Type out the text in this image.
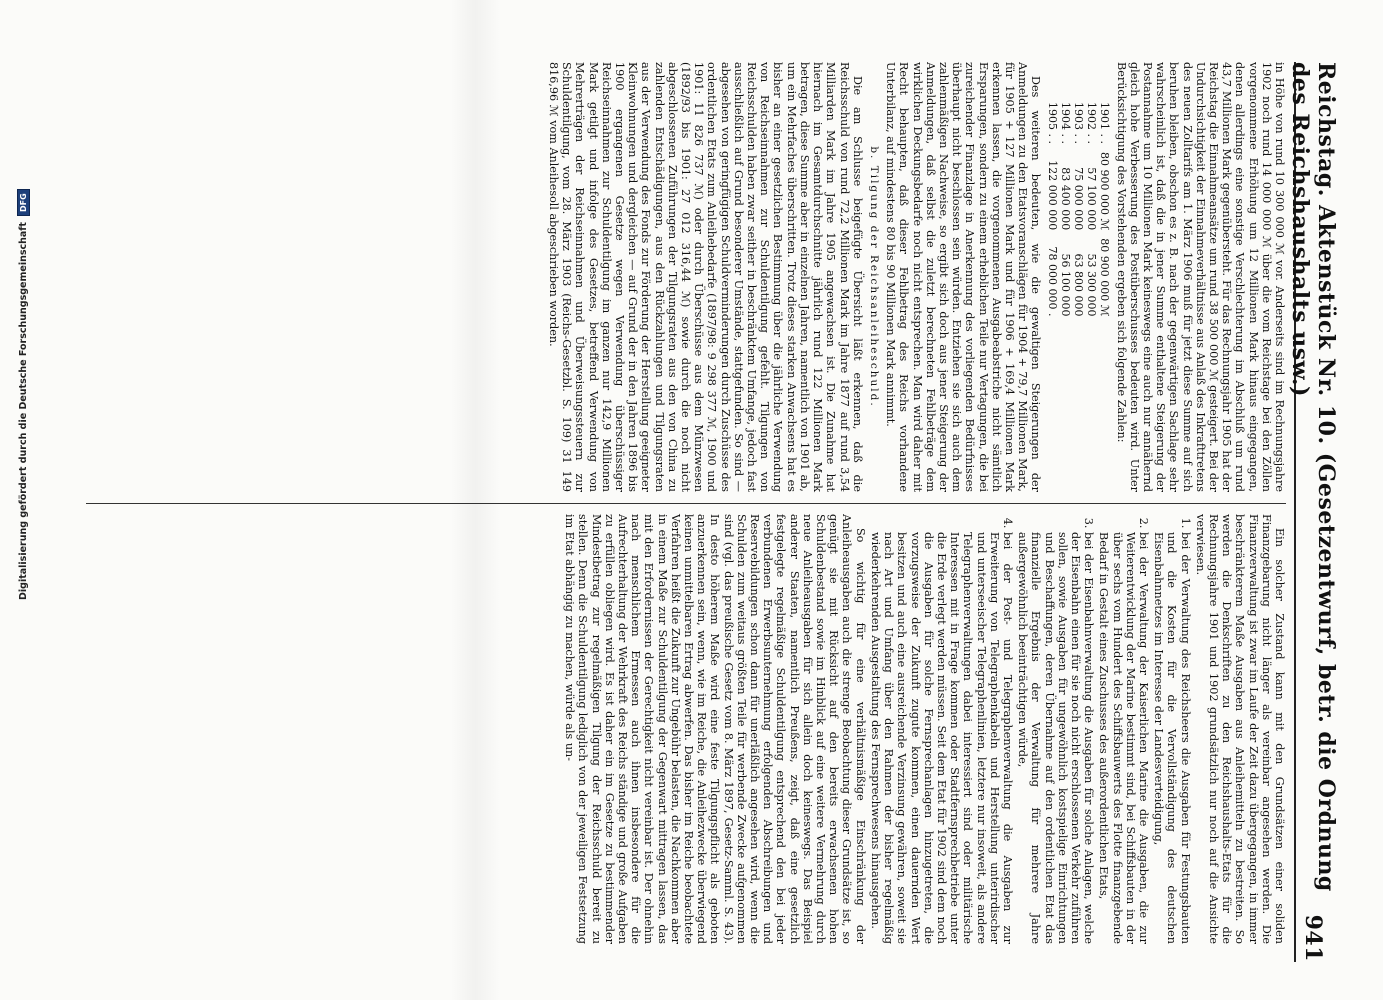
Reichstag. Aktenstück Nr. 10. (Gesetzentwurf, betr. die Ordnung des Reichshaushalts usw.)
941

in Höhe von rund 10 300 000 ℳ vor. Anderseits sind im Rechnungsjahre 1902 noch rund 14 000 000 ℳ über die vom Reichstage bei den Zöllen vorgenommene Erhöhung um 12 Millionen Mark hinaus eingegangen, denen allerdings eine sonstige Verschlechterung im Abschluß um rund 43,7 Millionen Mark gegenübersteht. Für das Rechnungsjahr 1905 hat der Reichstag die Einnahmeansätze um rund 38 500 000 ℳ gesteigert. Bei der Undurchsichtigkeit der Einnahmeverhältnisse aus Anlaß des Inkrafttretens des neuen Zolltarifs am 1. März 1906 muß für jetzt diese Summe auf sich beruhen bleiben, obschon es z. B. nach der gegenwärtigen Sachlage sehr wahrscheinlich ist, daß die in jener Summe enthaltene Steigerung der Postannahme um 10 Millionen Mark keineswegs eine auch nur annähernd gleich hohe Verbesserung des Postüberschusses bedeuten wird. Unter Berücksichtigung des Vorstehenden ergeben sich folgende Zahlen:

1901 . .	80 900 000 ℳ	80 900 000 ℳ
1902 . .	57 100 000	53 300 000
1903 . .	75 000 000	63 800 000
1904 . .	83 400 000	56 100 000
1905 . .	122 000 000	78 000 000 .

Des weiteren bedeuten, wie die gewaltigen Steigerungen der Anmeldungen zu den Etatsvoranschlägen für 1904 + 79,7 Millionen Mark, für 1905 + 127 Millionen Mark und für 1906 + 169,4 Millionen Mark erkennen lassen, die vorgenommenen Ausgabeabstriche nicht sämtlich Ersparungen, sondern zu einem erheblichen Teile nur Vertagungen, die bei zureichender Finanzlage in Anerkennung des vorliegenden Bedürfnisses überhaupt nicht beschlossen sein würden. Entziehen sie sich auch dem zahlenmäßigen Nachweise, so ergibt sich doch aus jener Steigerung der Anmeldungen, daß selbst die zuletzt berechneten Fehlbeträge dem wirklichen Deckungsbedarfe noch nicht entsprechen. Man wird daher mit Recht behaupten, daß dieser Fehlbetrag des Reichs vorhandene Unterbilanz, auf mindestens 80 bis 90 Millionen Mark annimmt.

b. Tilgung der Reichsanleiheschuld.

Die am Schlusse beigefügte Übersicht läßt erkennen, daß die Reichsschuld von rund 72,2 Millionen Mark im Jahre 1877 auf rund 3,54 Milliarden Mark im Jahre 1905 angewachsen ist. Die Zunahme hat hiernach im Gesamtdurchschnitte jährlich rund 122 Millionen Mark betragen, diese Summe aber in einzelnen Jahren, namentlich von 1901 ab, um ein Mehrfaches überschritten. Trotz dieses starken Anwachsens hat es bisher an einer gesetzlichen Bestimmung über die jährliche Verwendung von Reichseinnahmen zur Schuldentilgung gefehlt. Tilgungen von Reichsschulden haben zwar seither in beschränktem Umfange, jedoch fast ausschließlich auf Grund besonderer Umstände, stattgefunden. So sind — abgesehen von geringfügigen Schuldverminderungen durch Zuschüsse des ordentlichen Etats zum Anleihebedarfe (1897/98: 9 298 377 ℳ, 1900 und 1901: 11 826 737 ℳ) oder durch Überschüsse aus dem Münzwesen (1892/93 bis 1901: 27 012 316,44 ℳ) sowie durch die noch nicht abgeschlossenen Zuführungen der Tilgungsraten aus den von China zu zahlenden Entschädigungen, aus den Rückzahlungen und Tilgungsraten aus der Verwendung des Fonds zur Förderung der Herstellung geeigneter Kleinwohnungen und dergleichen — auf Grund der in den Jahren 1896 bis 1900 ergangenen Gesetze wegen Verwendung überschüssiger Reichseinnahmen zur Schuldentilgung im ganzen nur 142,9 Millionen Mark getilgt und infolge des Gesetzes, betreffend Verwendung von Mehrerträgen der Reichseinnahmen und Überweisungssteuern zur Schuldentilgung, vom 28. März 1903 (Reichs-Gesetzbl. S. 109) 31 149 816,96 ℳ vom Anleihesoll abgeschrieben worden.

Ein solcher Zustand kann mit den Grundsätzen einer soliden Finanzgebarung nicht länger als vereinbar angesehen werden. Die Finanzverwaltung ist zwar im Laufe der Zeit dazu übergegangen, in immer beschränkterem Maße Ausgaben aus Anleihemitteln zu bestreiten. So werden die Denkschriften zu den Reichshaushalts-Etats für die Rechnungsjahre 1901 und 1902 grundsätzlich nur noch auf die Ansichte verwiesen.

1. bei der Verwaltung des Reichsheers die Ausgaben für Festungsbauten und die Kosten für die Vervollständigung des deutschen Eisenbahnnetzes im Interesse der Landesverteidigung,
2. bei der Verwaltung der Kaiserlichen Marine die Ausgaben, die zur Weiterentwicklung der Marine bestimmt sind, bei Schiffsbauten in der über sechs vom Hundert des Schiffsbauwerts des Flotte finanzgebende Bedarf in Gestalt eines Zuschusses des außerordentlichen Etats,
3. bei der Eisenbahnverwaltung die Ausgaben für solche Anlagen, welche der Eisenbahn einen für sie noch nicht erschlossenen Verkehr zuführen sollen, sowie Ausgaben für ungewöhnlich kostspielige Einrichtungen und Beschaffungen, deren Übernahme auf den ordentlichen Etat das finanzielle Ergebnis der Verwaltung für mehrere Jahre außergewöhnlich beeinträchtigen würde,
4. bei der Post- und Telegraphenverwaltung die Ausgaben zur Erweiterung von Telegraphenkabeln und Herstellung unterirdischer und unterseeischer Telegraphenlinien, letztere nur insoweit, als andere Telegraphenverwaltungen dabei interessiert sind oder militärische Interessen mit in Frage kommen oder Stadtfernsprechbetriebe unter die Erde verlegt werden müssen. Seit dem Etat für 1902 sind dem noch die Ausgaben für solche Fernsprechanlagen hinzugetreten, die vorzugsweise der Zukunft zugute kommen, einen dauernden Wert besitzen und auch eine ausreichende Verzinsung gewähren, soweit sie nach Art und Umfang über den Rahmen der bisher regelmäßig wiederkehrenden Ausgestaltung des Fernsprechwesens hinausgehen.

So wichtig für eine verhältnismäßige Einschränkung der Anleiheausgaben auch die strenge Beobachtung dieser Grundsätze ist, so genügt sie mit Rücksicht auf den bereits erwachsenen hohen Schuldenbestand sowie im Hinblick auf eine weitere Vermehrung durch neue Anleiheausgaben für sich allein doch keineswegs. Das Beispiel anderer Staaten, namentlich Preußens, zeigt, daß eine gesetzlich festgelegte regelmäßige Schuldentilgung entsprechend den bei jeder verbundenen Erwerbsunternehmung erfolgenden Abschreibungen und Reservebildungen schon dann für unerläßlich angesehen wird, wenn die Schulden zum weitaus größten Teile für werbende Zwecke aufgenommen sind (vgl. das preußische Gesetz vom 8. März 1897, Gesetz-Samml. S. 43). In desto höherem Maße wird eine feste Tilgungspflicht als geboten anzuerkennen sein, wenn, wie im Reiche, die Anleihezwecke überwiegend keinen unmittelbaren Ertrag abwerfen. Das bisher im Reiche beobachtete Verfahren heißt die Zukunft zur Ungebühr belasten, die Nachkommen aber in einem Maße zur Schuldentilgung der Gegenwart mittragen lassen, das mit den Erfordernissen der Gerechtigkeit nicht vereinbar ist. Der ohnehin nach menschlichem Ermessen auch ihnen insbesondere für die Aufrechterhaltung der Wehrkraft des Reichs ständige und große Aufgaben zu erfüllen obliegen wird. Es ist daher ein im Gesetze zu bestimmender Mindestbetrag zur regelmäßigen Tilgung der Reichsschuld bereit zu stellen. Denn die Schuldentilgung lediglich von der jeweiligen Festsetzung im Etat abhängig zu machen, würde als un-

Digitalisierung gefördert durch die Deutsche Forschungsgemeinschaft
DFG
